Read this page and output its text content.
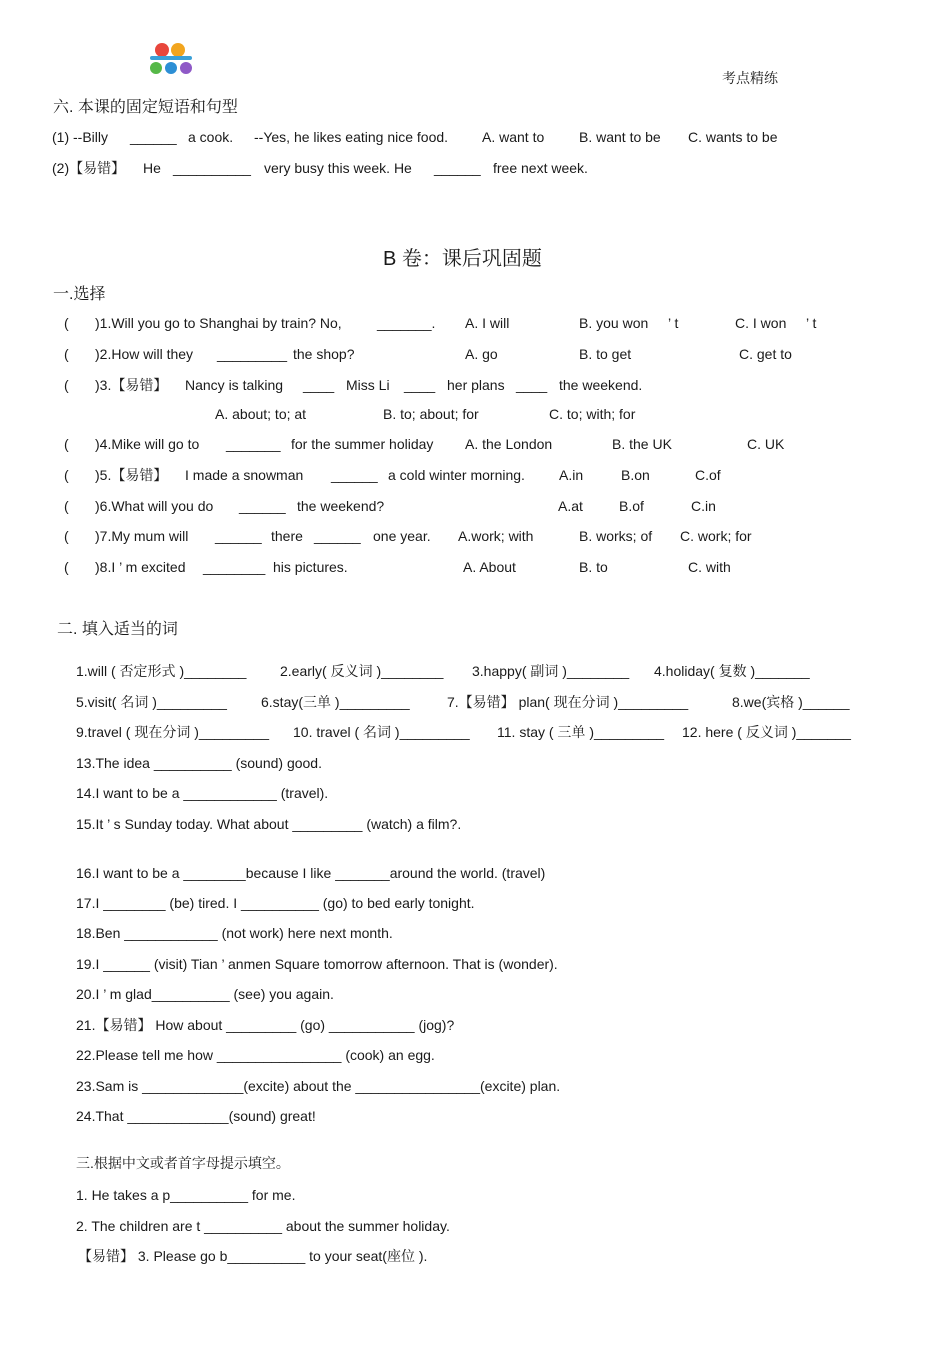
考点精练
六. 本课的固定短语和句型
(1) --Billy ______ a cook. --Yes, he likes eating nice food. A. want to B. want to be C. wants to be
(2)【易错】 He __________ very busy this week. He ______ free next week.
B 卷：课后巩固题
一.选择
( )1.Will you go to Shanghai by train? No,	_______. A. I will	B. you won ’ t	C. I won ’ t
( )2.How will they _________ the shop?	A. go	B. to get	C. get to
( )3.【易错】 Nancy is talking ____ Miss Li ____ her plans ____ the weekend.
A. about; to; at	B. to; about; for	C. to; with; for
( )4.Mike will go to _______ for the summer holiday A. the London	B. the UK	C. UK
( )5.【易错】 I made a snowman ______ a cold winter morning. A.in	B.on	C.of
( )6.What will you do ______ the weekend?	A.at	B.of	C.in
( )7.My mum will ______ there ______ one year. A.work; with	B. works; of C. work; for
( )8.I ’ m excited ________ his pictures.	A. About	B. to	C. with
二. 填入适当的词
1.will ( 否定形式 )________ 2.early( 反义词 )________ 3.happy( 副词 )________ 4.holiday( 复数 )_______
5.visit( 名词 )_________ 6.stay(三单 )_________	7.【易错】 plan( 现在分词 )_________	8.we(宾格 )______
9.travel ( 现在分词 )_________ 10. travel ( 名词 )_________ 11. stay ( 三单 )_________ 12. here ( 反义词 )_______
13.The idea __________ (sound) good.
14.I want to be a ____________ (travel).
15.It ’ s Sunday today. What about _________ (watch) a film?.
16.I want to be a ________because I like _______around the world. (travel)
17.I ________ (be) tired. I __________ (go) to bed early tonight.
18.Ben ____________ (not work) here next month.
19.I ______ (visit) Tian ’ anmen Square tomorrow afternoon. That is (wonder).
20.I ’ m glad__________ (see) you again.
21.【易错】 How about _________ (go) ___________ (jog)?
22.Please tell me how ________________ (cook) an egg.
23.Sam is _____________(excite) about the ________________(excite) plan.
24.That _____________(sound) great!
三.根据中文或者首字母提示填空。
1. He takes a p__________ for me.
2. The children are t __________ about the summer holiday.
【易错】 3. Please go b__________ to your seat(座位 ).
